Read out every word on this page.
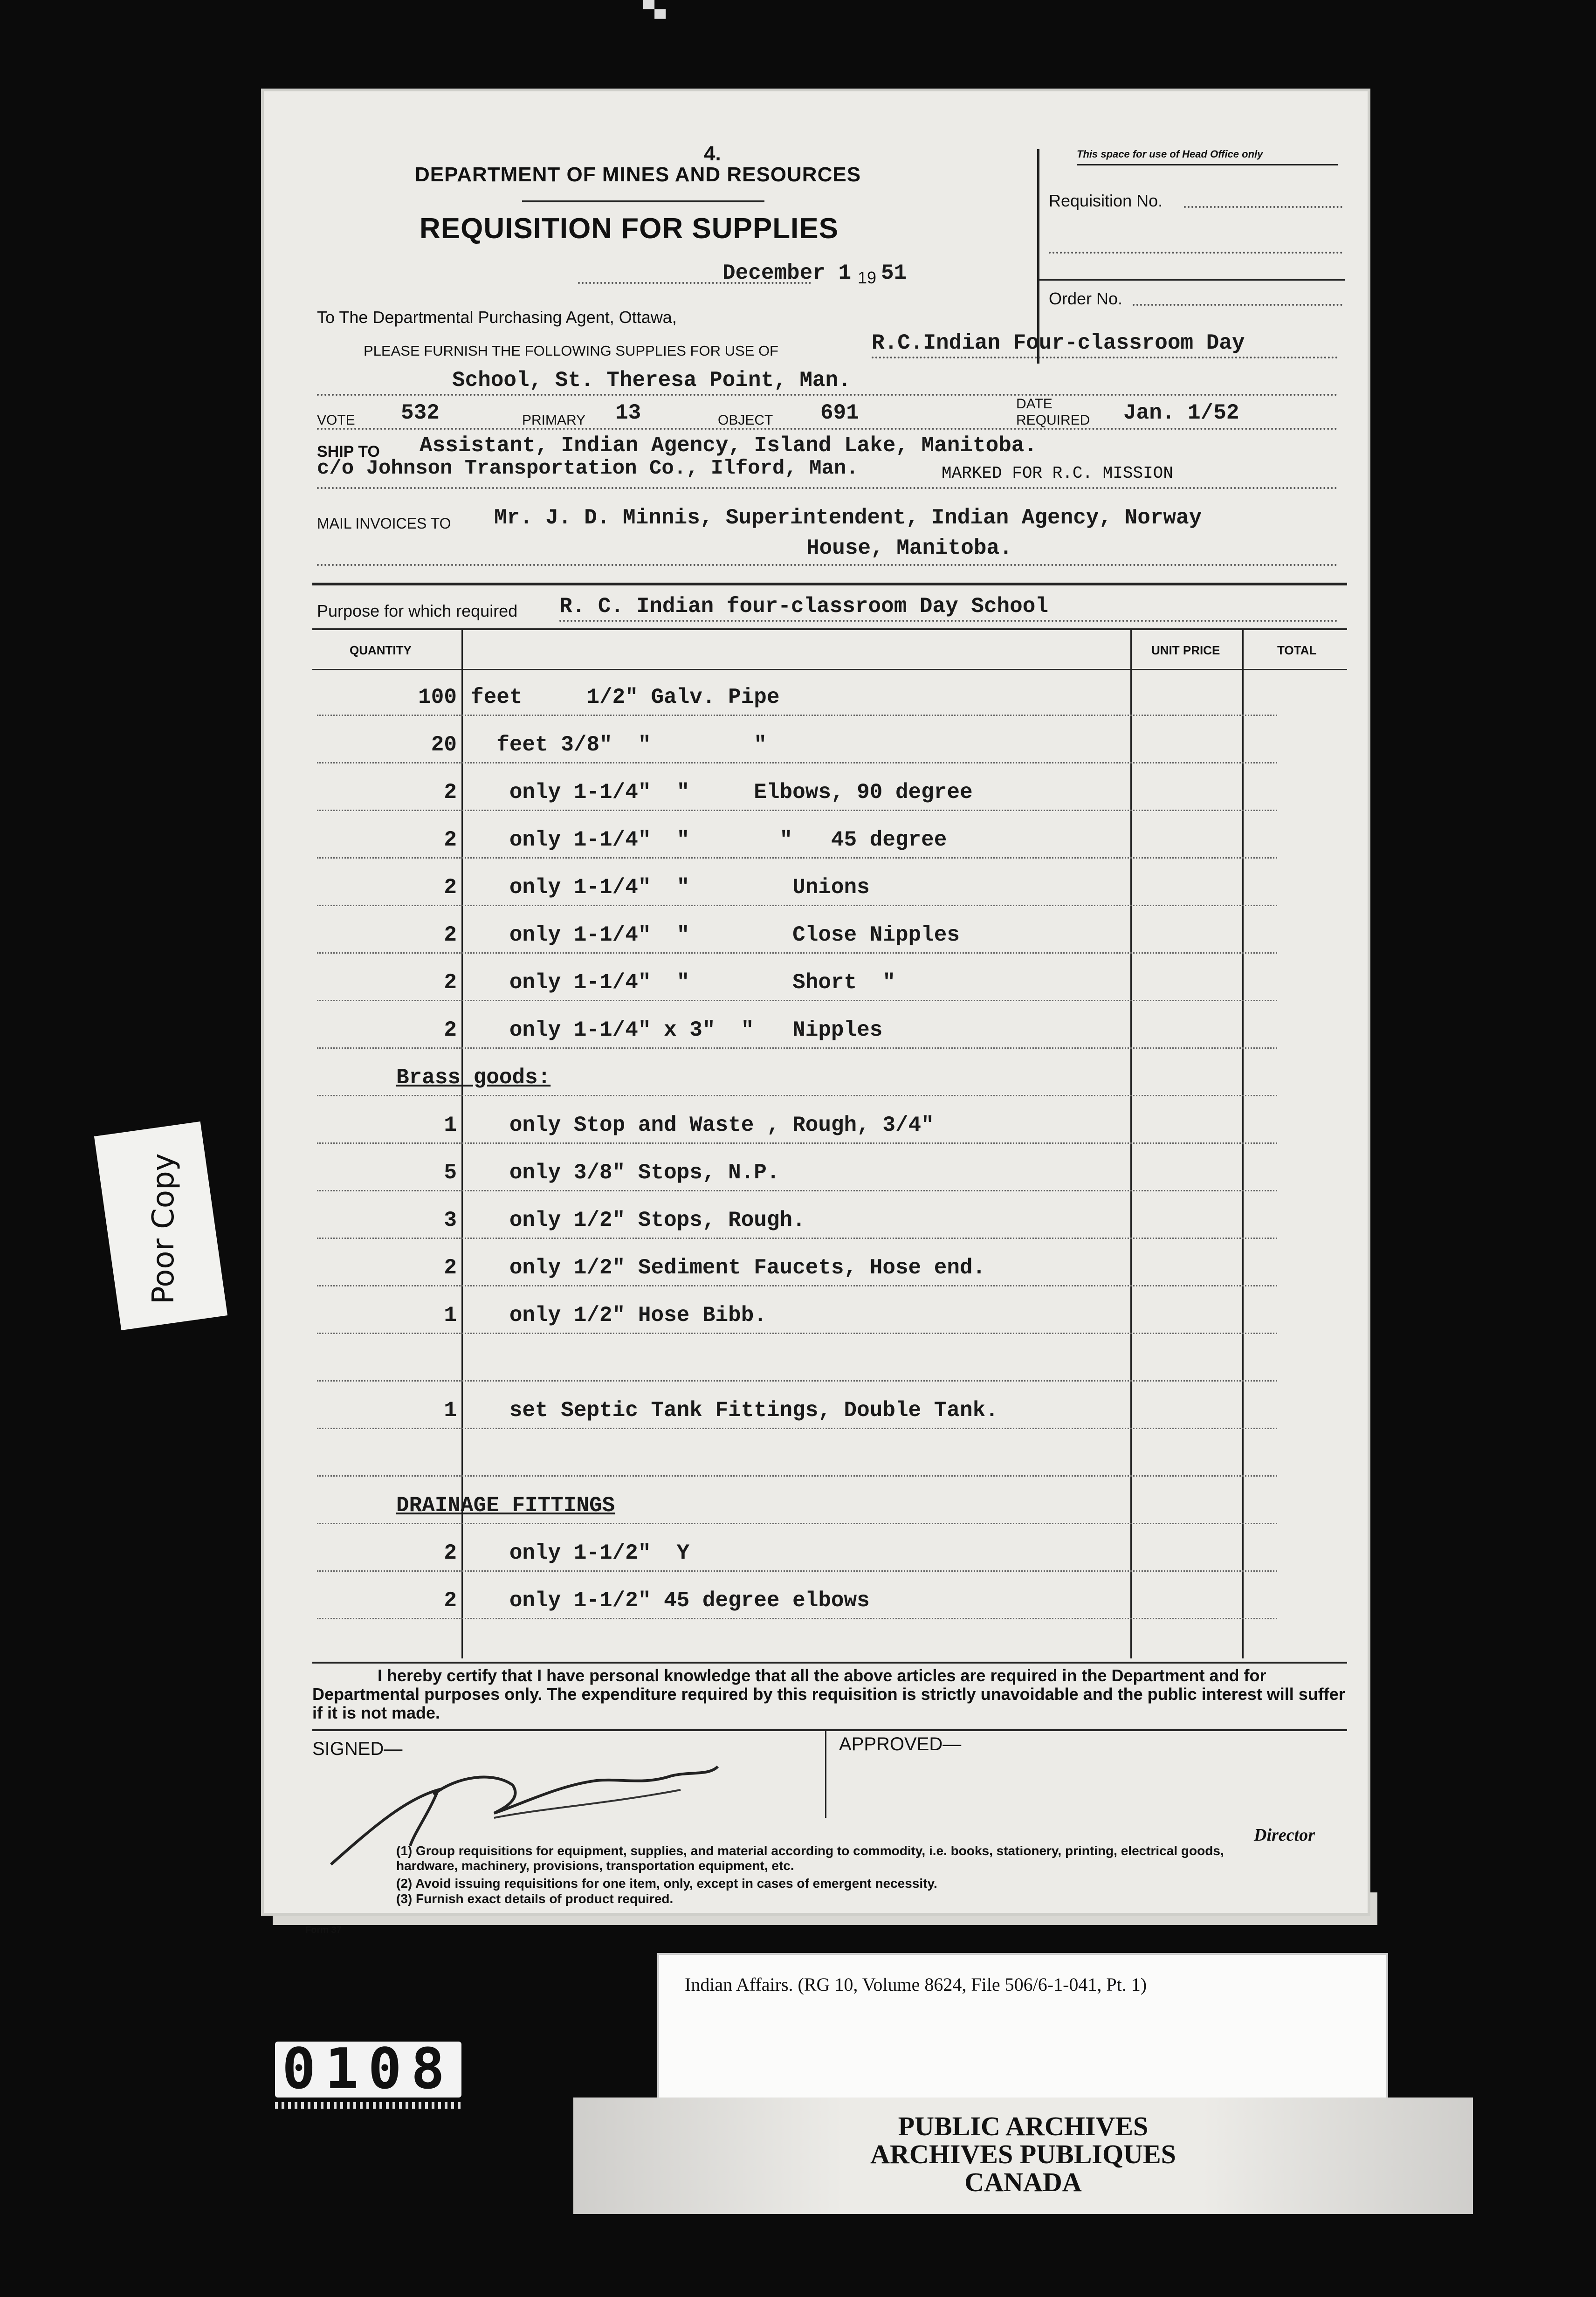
▀▄
4.
DEPARTMENT OF MINES AND RESOURCES
REQUISITION FOR SUPPLIES
December 1 19 51
This space for use of Head Office only
Requisition No.
Order No.
To The Departmental Purchasing Agent, Ottawa,
PLEASE FURNISH THE FOLLOWING SUPPLIES FOR USE OF	R.C.Indian Four-classroom Day
School, St. Theresa Point, Man.
VOTE 532	PRIMARY 13	OBJECT 691	DATE
REQUIRED Jan. 1/52
SHIP TO Assistant, Indian Agency, Island Lake, Manitoba.
c/o Johnson Transportation Co., Ilford, Man.	MARKED FOR R.C. MISSION
MAIL INVOICES TO Mr. J. D. Minnis, Superintendent, Indian Agency, Norway
House, Manitoba.
Purpose for which required R. C. Indian four-classroom Day School
QUANTITY	UNIT PRICE	TOTAL
100 feet     1/2" Galv. Pipe
20 feet 3/8"  "        "
2 only 1-1/4"  "     Elbows, 90 degree
2 only 1-1/4"  "       "   45 degree
2 only 1-1/4"  "        Unions
2 only 1-1/4"  "        Close Nipples
2 only 1-1/4"  "        Short  "
2 only 1-1/4" x 3"  "   Nipples
Brass goods:
1 only Stop and Waste , Rough, 3/4"
5 only 3/8" Stops, N.P.
3 only 1/2" Stops, Rough.
2 only 1/2" Sediment Faucets, Hose end.
1 only 1/2" Hose Bibb.
1 set Septic Tank Fittings, Double Tank.
DRAINAGE FITTINGS
2 only 1-1/2"  Y
2 only 1-1/2" 45 degree elbows
I hereby certify that I have personal knowledge that all the above articles are required in the Department and for Departmental purposes only. The expenditure required by this requisition is strictly unavoidable and the public interest will suffer if it is not made.
SIGNED—	APPROVED—
Director
(1) Group requisitions for equipment, supplies, and material according to commodity, i.e. books, stationery, printing, electrical goods, hardware, machinery, provisions, transportation equipment, etc.
(2) Avoid issuing requisitions for one item, only, except in cases of emergent necessity.
(3) Furnish exact details of product required.
Form 37
Poor Copy
Indian Affairs. (RG 10, Volume 8624, File 506/6-1-041, Pt. 1)
0108
PUBLIC ARCHIVES
ARCHIVES PUBLIQUES
CANADA
